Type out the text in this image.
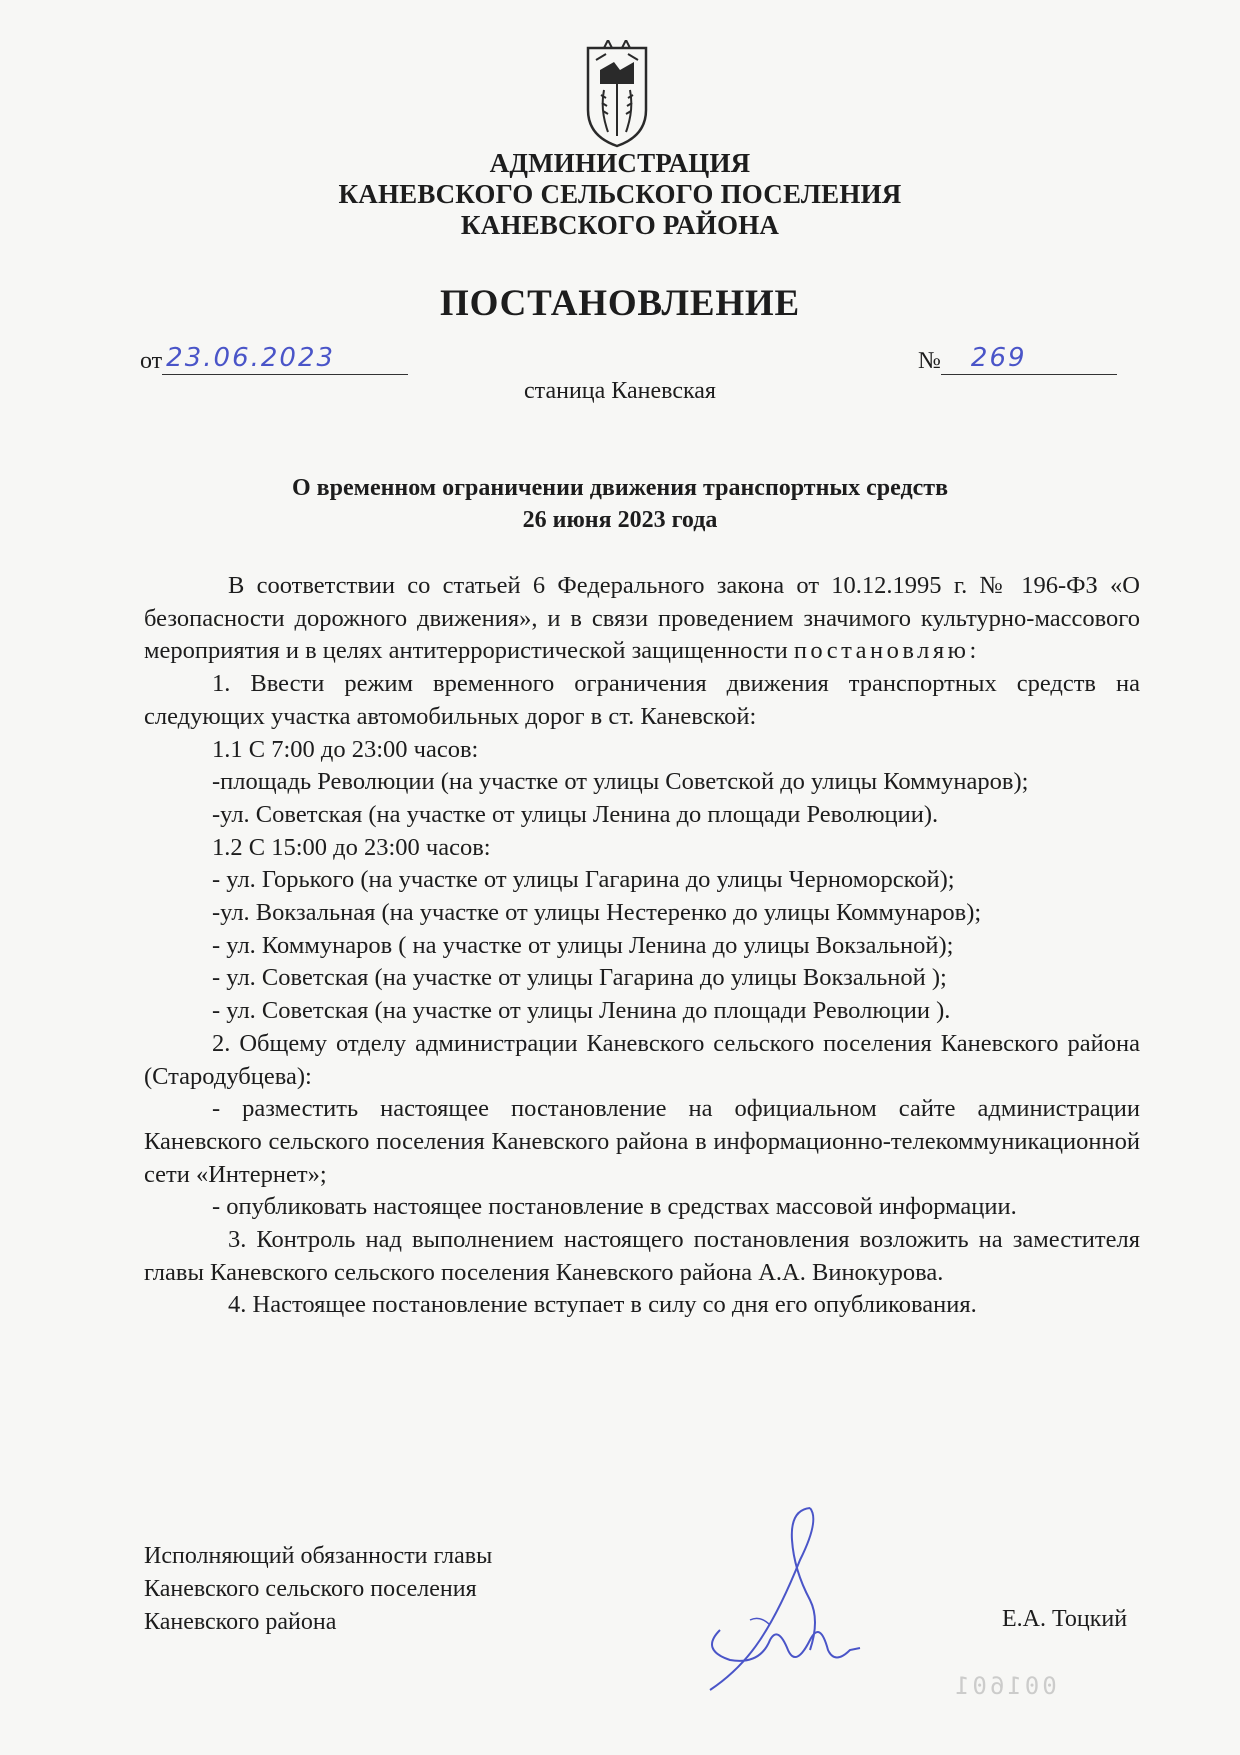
АДМИНИСТРАЦИЯ
КАНЕВСКОГО СЕЛЬСКОГО ПОСЕЛЕНИЯ
КАНЕВСКОГО РАЙОНА
ПОСТАНОВЛЕНИЕ
от 23.06.2023	№ 269
станица Каневская
О временном ограничении движения транспортных средств
26 июня 2023 года

В соответствии со статьей 6 Федерального закона от 10.12.1995 г. № 196-ФЗ «О безопасности дорожного движения», и в связи проведением значимого культурно-массового мероприятия и в целях антитеррористической защищенности постановляю:

1. Ввести режим временного ограничения движения транспортных средств на следующих участка автомобильных дорог в ст. Каневской:

1.1 С 7:00 до 23:00 часов:

-площадь Революции (на участке от улицы Советской до улицы Коммунаров);

-ул. Советская (на участке от улицы Ленина до площади Революции).

1.2 С 15:00 до 23:00 часов:

- ул. Горького (на участке от улицы Гагарина до улицы Черноморской);

-ул. Вокзальная (на участке от улицы Нестеренко до улицы Коммунаров);

- ул. Коммунаров ( на участке от улицы Ленина до улицы Вокзальной);

- ул. Советская (на участке от улицы Гагарина до улицы Вокзальной );

- ул. Советская (на участке от улицы Ленина до площади Революции ).

2. Общему отделу администрации Каневского сельского поселения Каневского района (Стародубцева):

- разместить настоящее постановление на официальном сайте администрации Каневского сельского поселения Каневского района в информационно-телекоммуникационной сети «Интернет»;

- опубликовать настоящее постановление в средствах массовой информации.

3. Контроль над выполнением настоящего постановления возложить на заместителя главы Каневского сельского поселения Каневского района А.А. Винокурова.

4. Настоящее постановление вступает в силу со дня его опубликования.

Исполняющий обязанности главы
Каневского сельского поселения
Каневского района	Е.А. Тоцкий
001601
